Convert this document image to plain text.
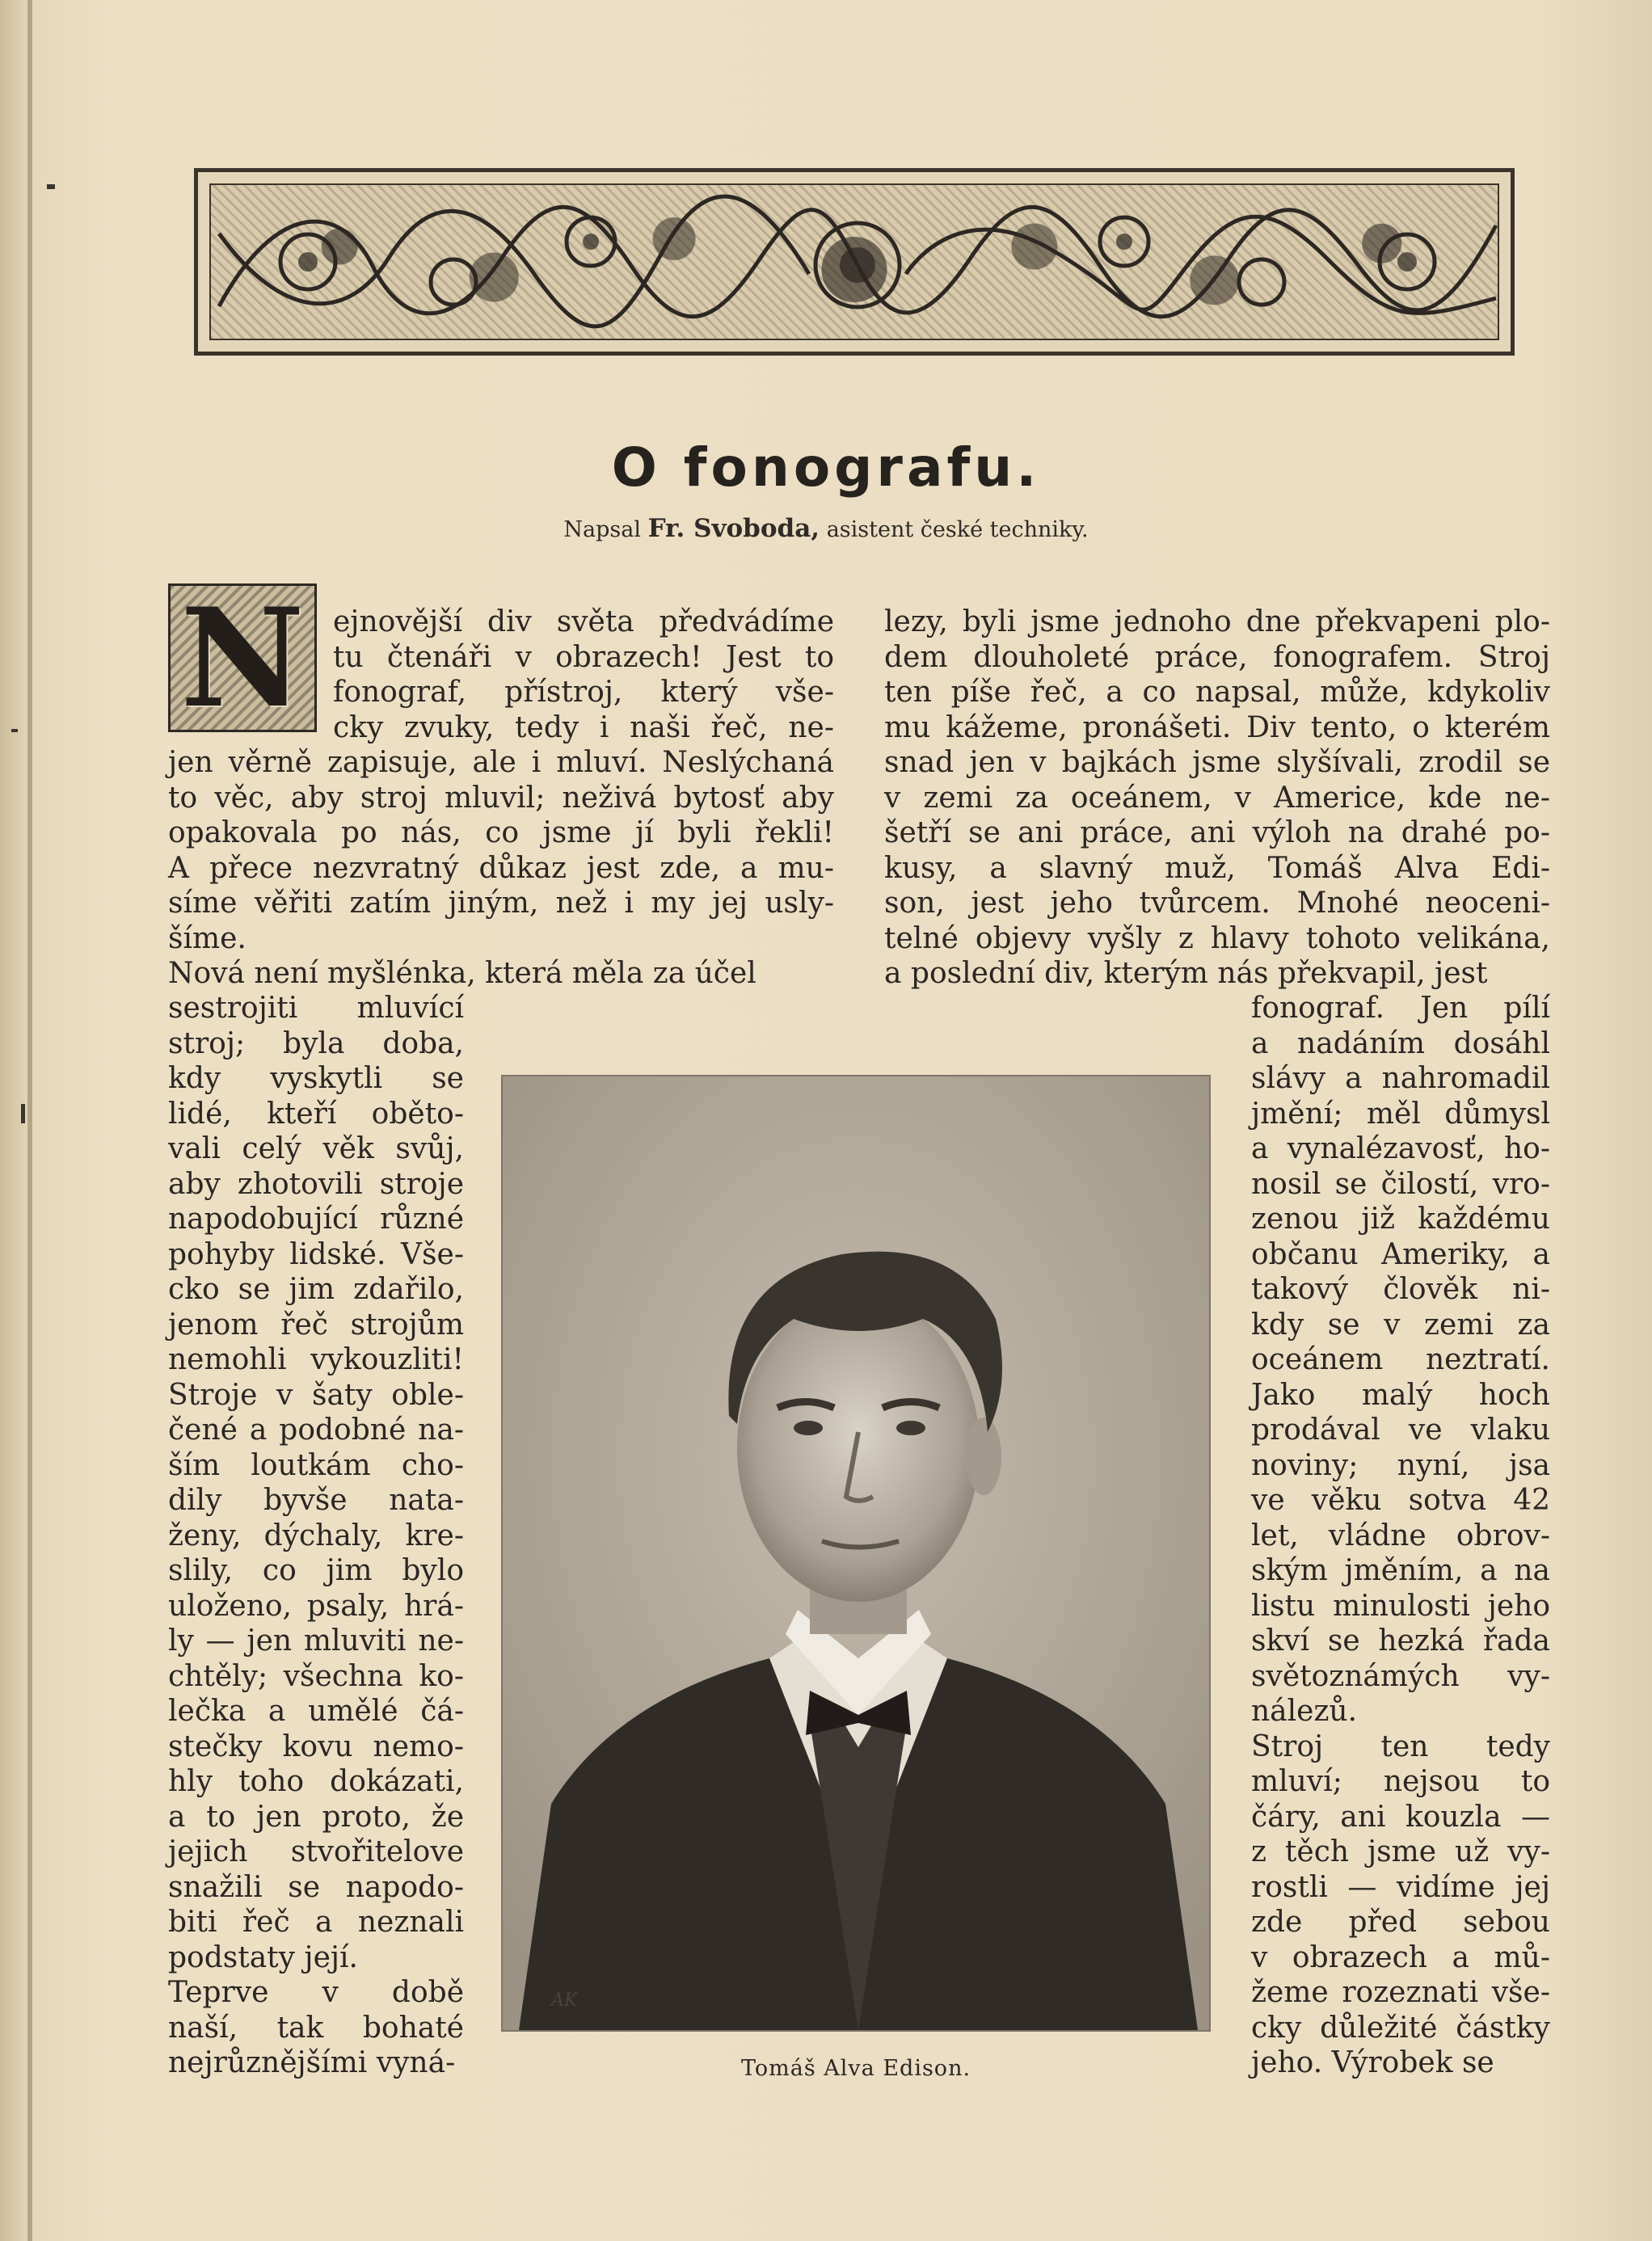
O fonografu.
Napsal Fr. Svoboda, asistent české techniky.
N ejnovější div světa předvádíme
tu čtenáři v obrazech! Jest to
fonograf, přístroj, který vše-
cky zvuky, tedy i naši řeč, ne-
jen věrně zapisuje, ale i mluví. Neslýchaná
to věc, aby stroj mluvil; neživá bytosť aby
opakovala po nás, co jsme jí byli řekli!
A přece nezvratný důkaz jest zde, a mu-
síme věřiti zatím jiným, než i my jej usly-
šíme.
Nová není myšlénka, která měla za účel
sestrojiti mluvící
stroj; byla doba,
kdy vyskytli se
lidé, kteří oběto-
vali celý věk svůj,
aby zhotovili stroje
napodobující různé
pohyby lidské. Vše-
cko se jim zdařilo,
jenom řeč strojům
nemohli vykouzliti!
Stroje v šaty oble-
čené a podobné na-
ším loutkám cho-
dily byvše nata-
ženy, dýchaly, kre-
slily, co jim bylo
uloženo, psaly, hrá-
ly — jen mluviti ne-
chtěly; všechna ko-
lečka a umělé čá-
stečky kovu nemo-
hly toho dokázati,
a to jen proto, že
jejich stvořitelove
snažili se napodo-
biti řeč a neznali
podstaty její.
Teprve v době
naší, tak bohaté
nejrůznějšími vyná-
lezy, byli jsme jednoho dne překvapeni plo-
dem dlouholeté práce, fonografem. Stroj
ten píše řeč, a co napsal, může, kdykoliv
mu kážeme, pronášeti. Div tento, o kterém
snad jen v bajkách jsme slyšívali, zrodil se
v zemi za oceánem, v Americe, kde ne-
šetří se ani práce, ani výloh na drahé po-
kusy, a slavný muž, Tomáš Alva Edi-
son, jest jeho tvůrcem. Mnohé neoceni-
telné objevy vyšly z hlavy tohoto velikána,
a poslední div, kterým nás překvapil, jest
fonograf. Jen pílí
a nadáním dosáhl
slávy a nahromadil
jmění; měl důmysl
a vynalézavosť, ho-
nosil se čilostí, vro-
zenou již každému
občanu Ameriky, a
takový člověk ni-
kdy se v zemi za
oceánem neztratí.
Jako malý hoch
prodával ve vlaku
noviny; nyní, jsa
ve věku sotva 42
let, vládne obrov-
ským jměním, a na
listu minulosti jeho
skví se hezká řada
světoznámých vy-
nálezů.
Stroj ten tedy
mluví; nejsou to
čáry, ani kouzla —
z těch jsme už vy-
rostli — vidíme jej
zde před sebou
v obrazech a mů-
žeme rozeznati vše-
cky důležité částky
jeho. Výrobek se
AK
Tomáš Alva Edison.
